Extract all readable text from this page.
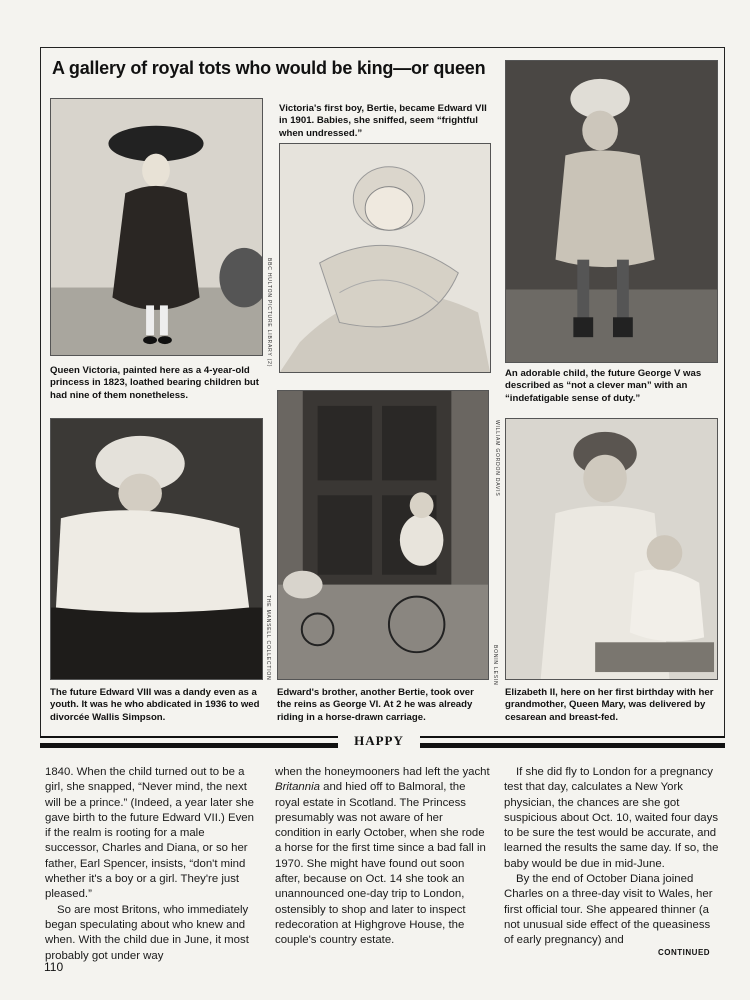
A gallery of royal tots who would be king—or queen

Queen Victoria, painted here as a 4-year-old princess in 1823, loathed bearing children but had nine of them nonetheless.

BBC HULTON PICTURE LIBRARY (2)

Victoria's first boy, Bertie, became Edward VII in 1901. Babies, she sniffed, seem “frightful when undressed.”

An adorable child, the future George V was described as “not a clever man” with an “indefatigable sense of duty.”

The future Edward VIII was a dandy even as a youth. It was he who abdicated in 1936 to wed divorcée Wallis Simpson.

THE MANSELL COLLECTION

Edward's brother, another Bertie, took over the reins as George VI. At 2 he was already riding in a horse-drawn carriage.

BONIN LESIN

Elizabeth II, here on her first birthday with her grandmother, Queen Mary, was delivered by cesarean and breast-fed.

WILLIAM GORDON DAVIS
HAPPY

1840. When the child turned out to be a girl, she snapped, “Never mind, the next will be a prince.” (Indeed, a year later she gave birth to the future Edward VII.) Even if the realm is rooting for a male successor, Charles and Diana, or so her father, Earl Spencer, insists, “don't mind whether it's a boy or a girl. They're just pleased.”

So are most Britons, who immediately began speculating about who knew and when. With the child due in June, it most probably got under way

when the honeymooners had left the yacht Britannia and hied off to Balmoral, the royal estate in Scotland. The Princess presumably was not aware of her condition in early October, when she rode a horse for the first time since a bad fall in 1970. She might have found out soon after, because on Oct. 14 she took an unannounced one-day trip to London, ostensibly to shop and later to inspect redecoration at Highgrove House, the couple's country estate.

If she did fly to London for a pregnancy test that day, calculates a New York physician, the chances are she got suspicious about Oct. 10, waited four days to be sure the test would be accurate, and learned the results the same day. If so, the baby would be due in mid-June.

By the end of October Diana joined Charles on a three-day visit to Wales, her first official tour. She appeared thinner (a not unusual side effect of the queasiness of early pregnancy) and

CONTINUED
110
